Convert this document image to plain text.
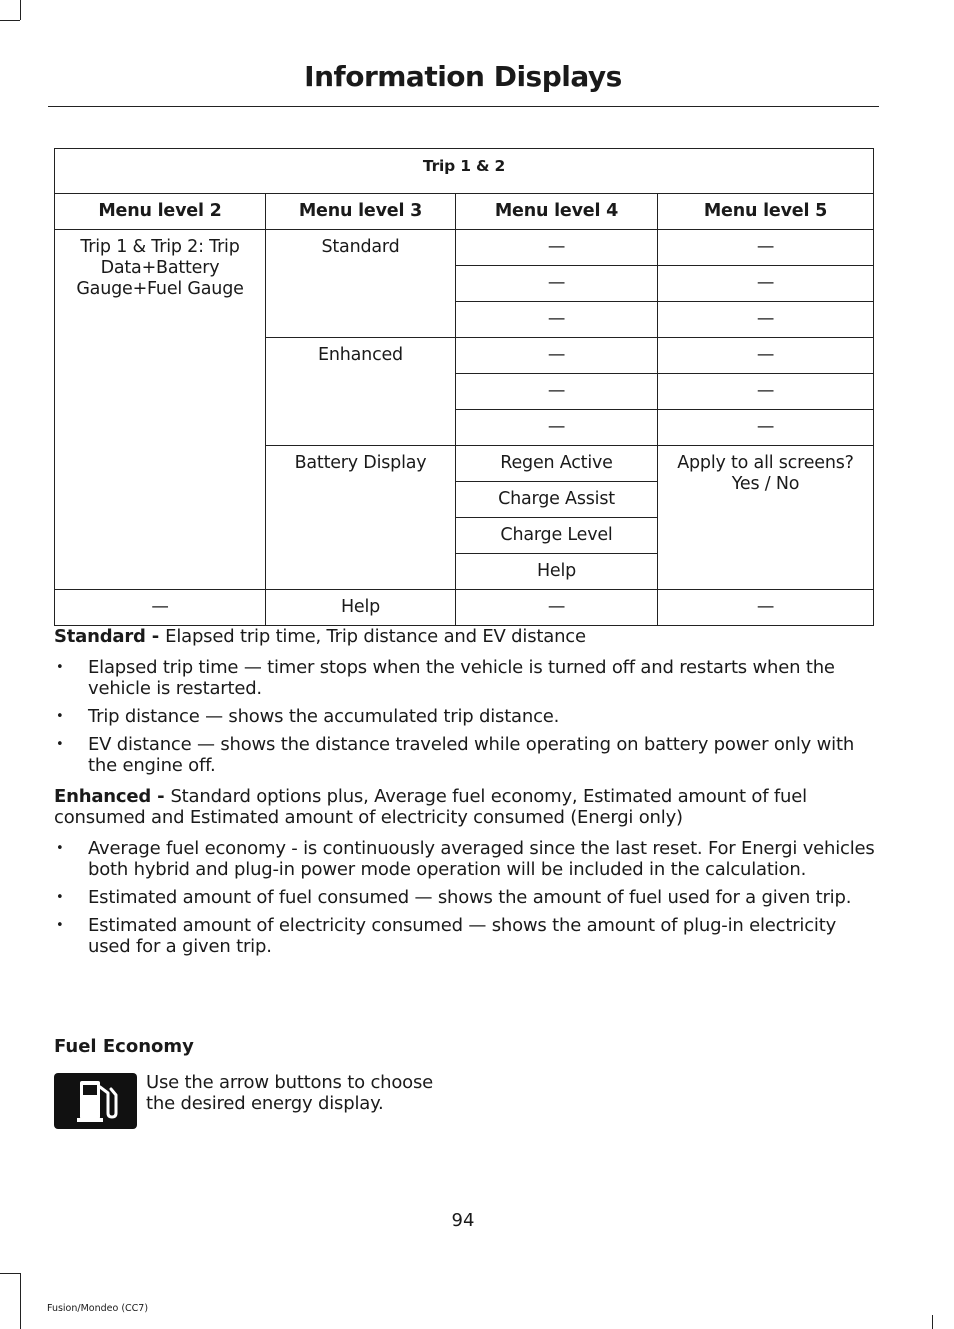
Information Displays
Trip 1 & 2			
Menu level 2	Menu level 3	Menu level 4	Menu level 5
Trip 1 & Trip 2: Trip Data+Battery Gauge+Fuel Gauge	Standard	—	—
		—	—
		—	—
	Enhanced	—	—
		—	—
		—	—
	Battery Display	Regen Active	Apply to all screens? Yes / No
		Charge Assist	
		Charge Level	
		Help	
—	Help	—	—

Standard - Elapsed trip time, Trip distance and EV distance

• Elapsed trip time — timer stops when the vehicle is turned off and restarts when the vehicle is restarted.
• Trip distance — shows the accumulated trip distance.
• EV distance — shows the distance traveled while operating on battery power only with the engine off.

Enhanced - Standard options plus, Average fuel economy, Estimated amount of fuel consumed and Estimated amount of electricity consumed (Energi only)

• Average fuel economy - is continuously averaged since the last reset. For Energi vehicles both hybrid and plug-in power mode operation will be included in the calculation.
• Estimated amount of fuel consumed — shows the amount of fuel used for a given trip.
• Estimated amount of electricity consumed — shows the amount of plug-in electricity used for a given trip.
Fuel Economy
Use the arrow buttons to choose the desired energy display.
94
Fusion/Mondeo (CC7)
